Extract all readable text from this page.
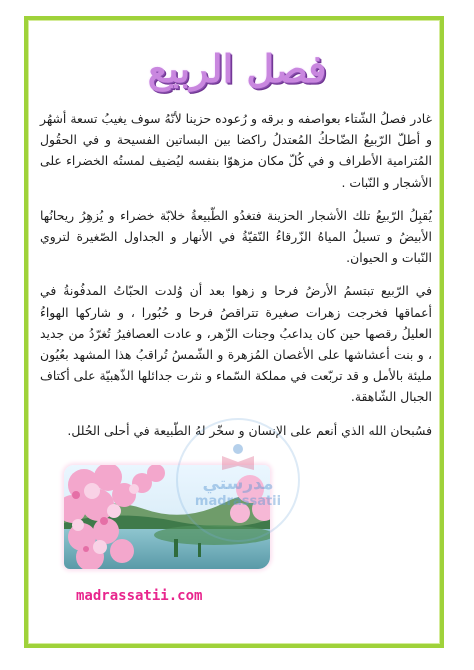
فصل الربيع

غادر فصلُ الشّتاء بعواصفه و برقه و رُعوده حزينا لأنّهُ سوف يغيبُ تسعة أشهُر و أطلّ الرّبيعُ الضّاحكُ المُعتدلُ راكضا بين البساتين الفسيحة و في الحقُول المُترامية الأطراف و في كُلّ مكان مزهوّا بنفسه ليُضيف لمستُه الخضراء على الأشجار و النّبات .

يُقبِلُ الرّبيعُ تلك الأشجار الحزينة فتغدُو الطّبيعةُ خلابّة خضراء و يُزهِرُ ريحانُها الأبيضُ و تسيلُ المياهُ الزّرقاءُ النّقيّةُ في الأنهار و الجداول الصّغيرة لتروي النّبات و الحيوان.

في الرّبيع تبتسمُ الأرضُ فرحا و زهوا بعد أن وُلدت الحبّاتُ المدفُونةُ في أعماقها فخرجت زهرات صغيرة تتراقصُ فرحا و حُبُورا ، و شاركها الهواءُ العليلُ رقصها حين كان يداعبُ وجنات الزّهر، و عادت العصافيرُ تُغرّدُ من جديد ، و بنت أعشاشها على الأغصان المُزهرة و الشّمسُ تُراقبُ هذا المشهد بعُيُون مليئة بالأمل و قد تربّعت في مملكة السّماء و نثرت جدائلها الذّهبيّة على أكتاف الجبال الشّاهقة.

فسُبحان الله الذي أنعم على الإنسان و سخّر لهُ الطّبيعة في أحلى الحُلل.

مدرستي
madrassatii
madrassatii.com
